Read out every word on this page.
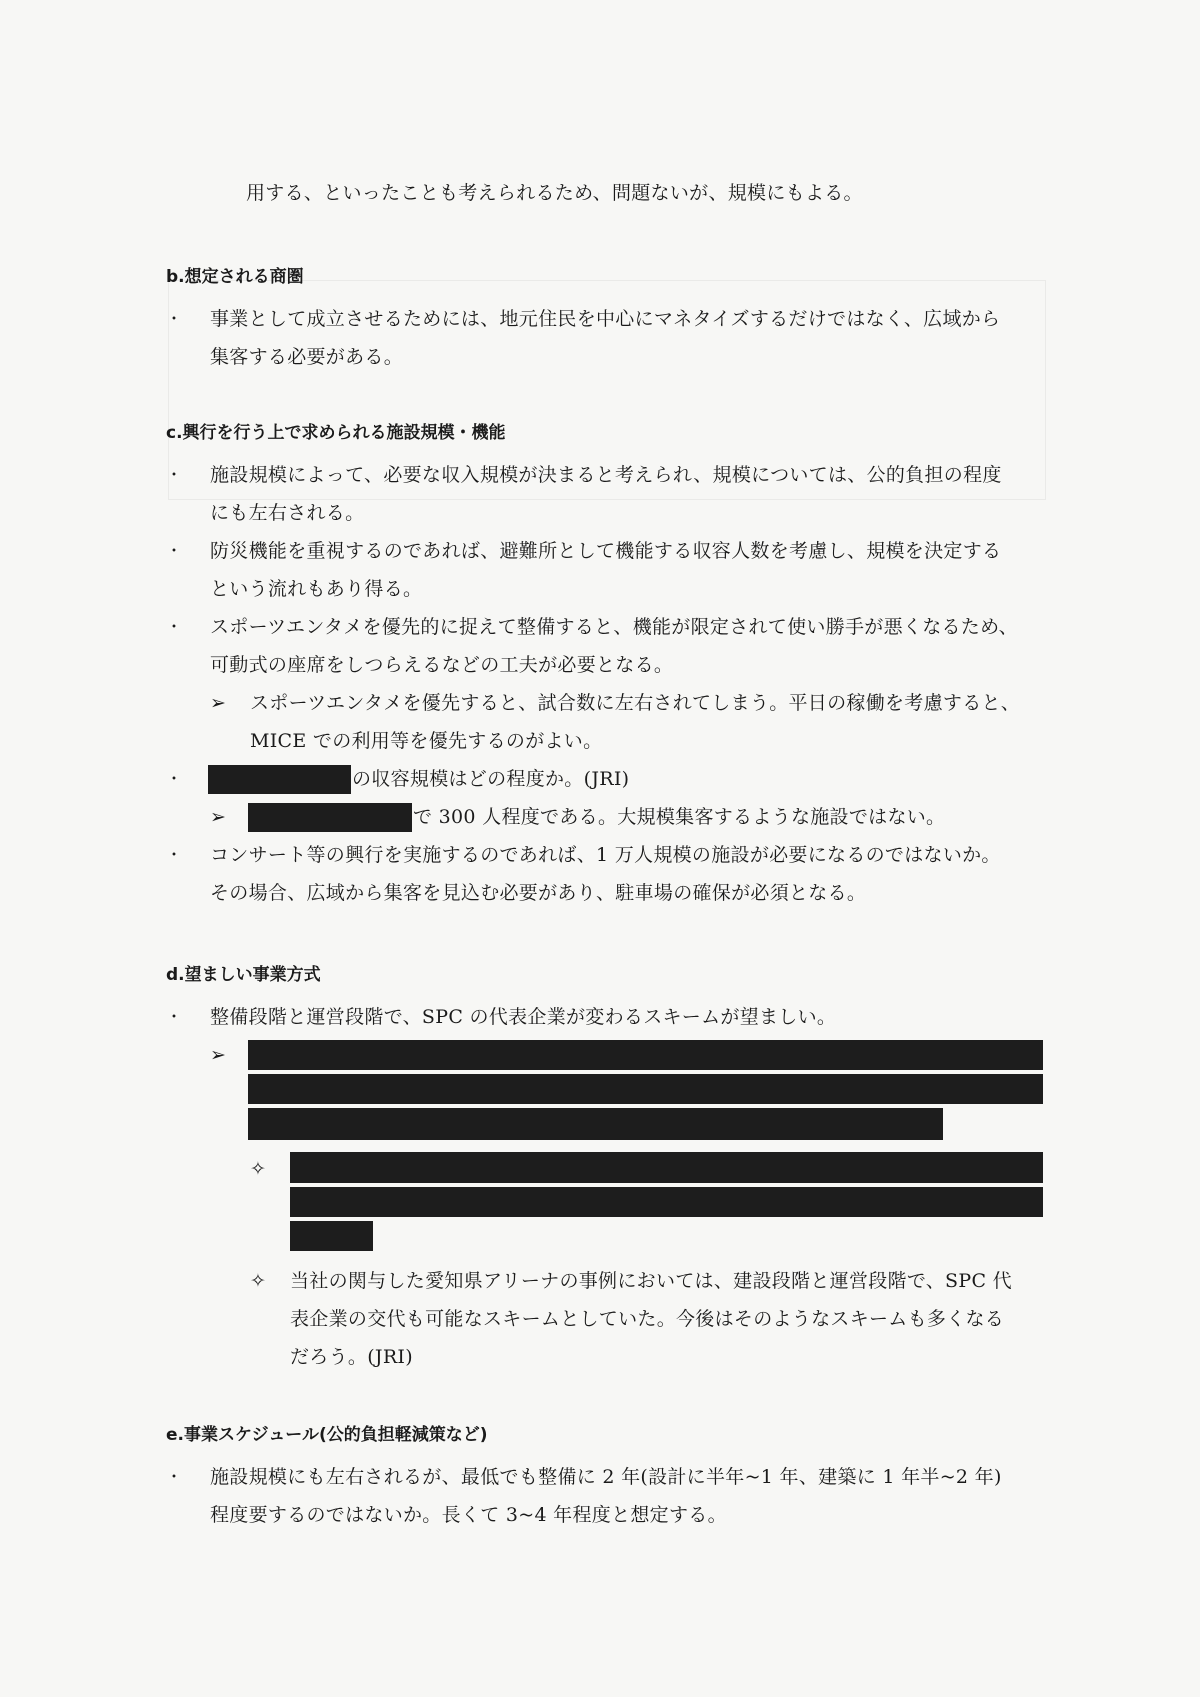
用する、といったことも考えられるため、問題ないが、規模にもよる。
b.想定される商圏
・ 事業として成立させるためには、地元住民を中心にマネタイズするだけではなく、広域から
集客する必要がある。
c.興行を行う上で求められる施設規模・機能
・ 施設規模によって、必要な収入規模が決まると考えられ、規模については、公的負担の程度
にも左右される。
・ 防災機能を重視するのであれば、避難所として機能する収容人数を考慮し、規模を決定する
という流れもあり得る。
・ スポーツエンタメを優先的に捉えて整備すると、機能が限定されて使い勝手が悪くなるため、
可動式の座席をしつらえるなどの工夫が必要となる。
➢ スポーツエンタメを優先すると、試合数に左右されてしまう。平日の稼働を考慮すると、
MICE での利用等を優先するのがよい。
・	の収容規模はどの程度か。(JRI)
➢	で 300 人程度である。大規模集客するような施設ではない。
・ コンサート等の興行を実施するのであれば、1 万人規模の施設が必要になるのではないか。
その場合、広域から集客を見込む必要があり、駐車場の確保が必須となる。
d.望ましい事業方式
・ 整備段階と運営段階で、SPC の代表企業が変わるスキームが望ましい。
➢
✧
✧ 当社の関与した愛知県アリーナの事例においては、建設段階と運営段階で、SPC 代
表企業の交代も可能なスキームとしていた。今後はそのようなスキームも多くなる
だろう。(JRI)
e.事業スケジュール(公的負担軽減策など)
・ 施設規模にも左右されるが、最低でも整備に 2 年(設計に半年~1 年、建築に 1 年半~2 年)
程度要するのではないか。長くて 3~4 年程度と想定する。
